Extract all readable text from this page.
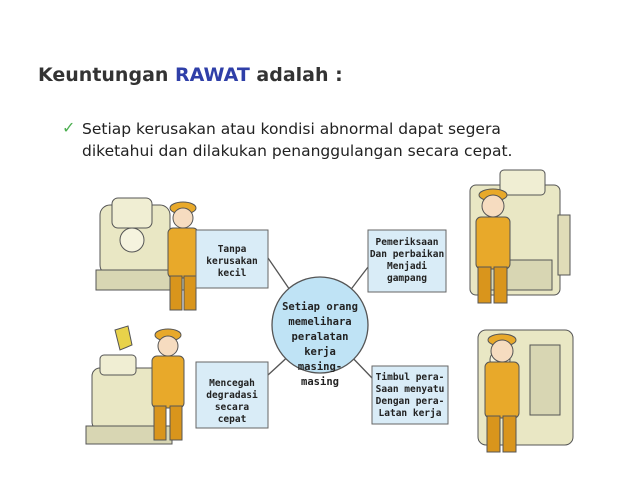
Keuntungan RAWAT adalah :
✓ Setiap kerusakan atau kondisi abnormal dapat segera
diketahui dan dilakukan penanggulangan secara cepat.
Tanpa
kerusakan
kecil
Pemeriksaan
Dan perbaikan
Menjadi
gampang
Setiap orang
memelihara
peralatan kerja
masing-masing
Mencegah
degradasi
secara cepat
Timbul pera-
Saan menyatu
Dengan pera-
Latan kerja
